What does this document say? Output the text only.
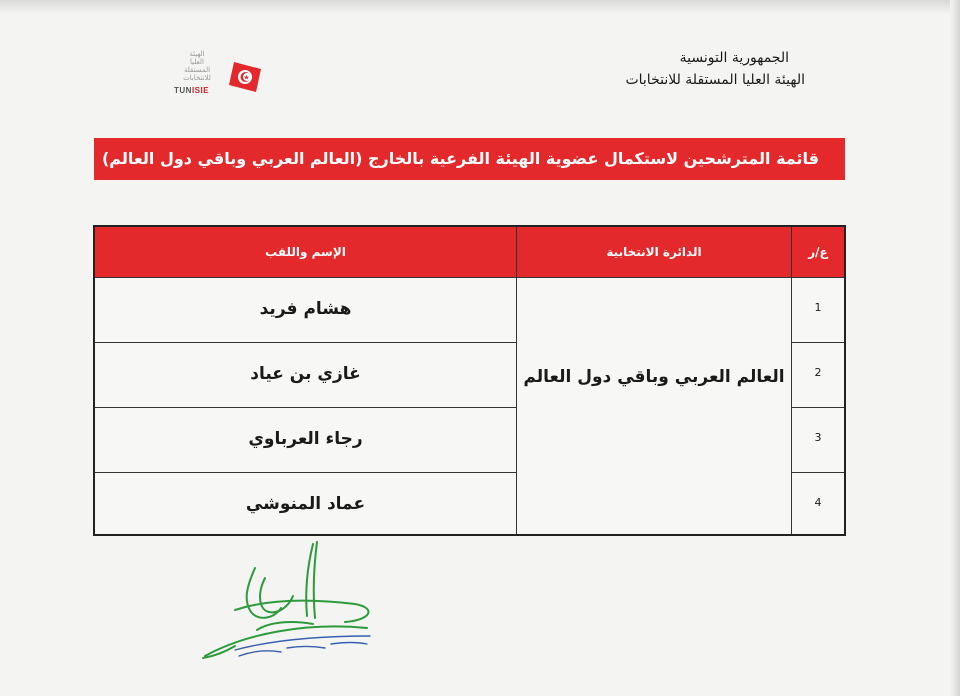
الهيئة
العليا
المستقلة
للانتخابات
TUNISIE
الجمهورية التونسية
الهيئة العليا المستقلة للانتخابات
قائمة المترشحين لاستكمال عضوية الهيئة الفرعية بالخارج (العالم العربي وباقي دول العالم)
الإسم واللقب	الدائرة الانتخابية	ع/ر
العالم العربي وباقي دول العالم
1
هشام فريد
2
غازي بن عياد
3
رجاء العرباوي
4
عماد المنوشي
